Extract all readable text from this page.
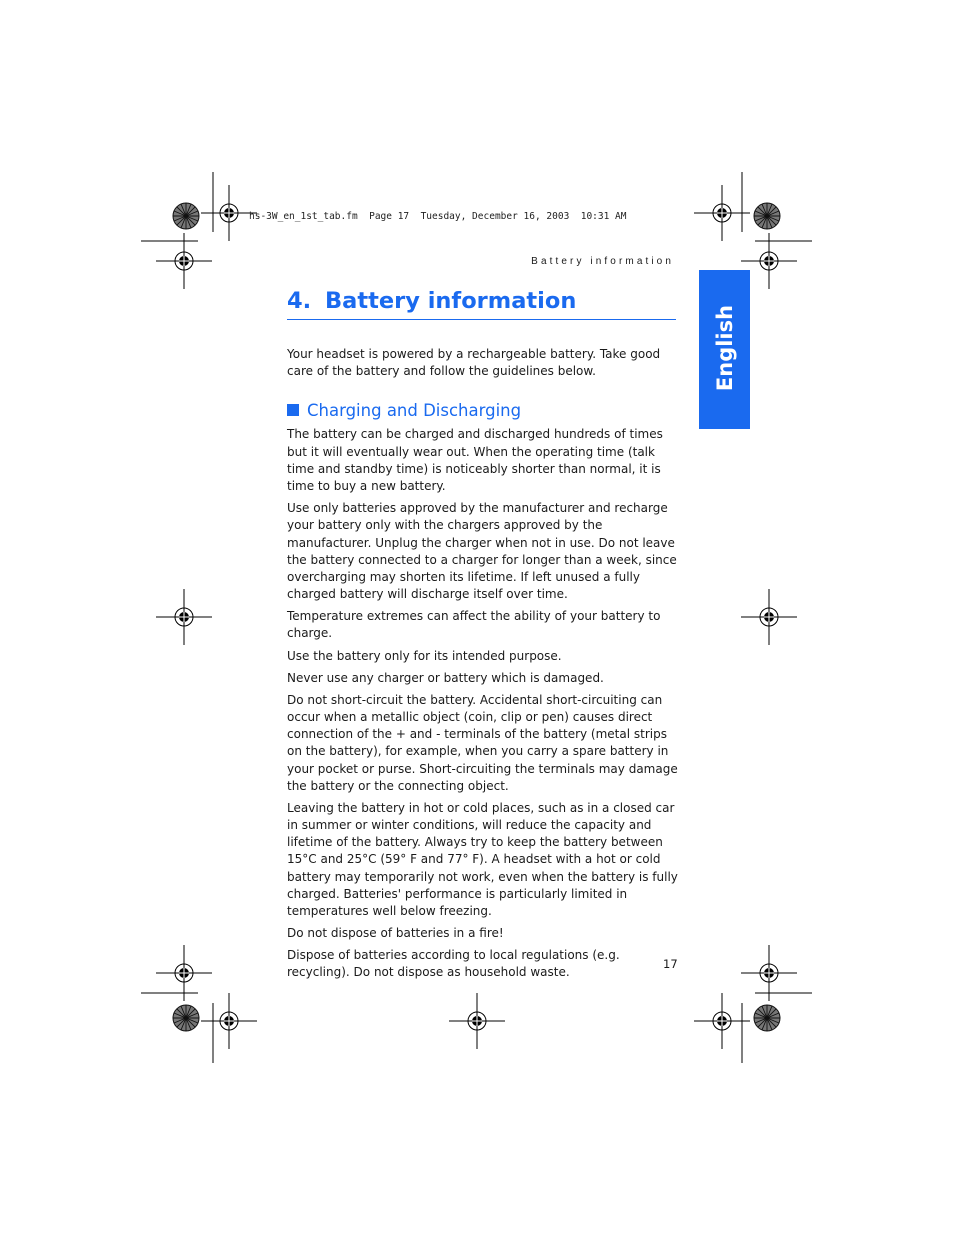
hs-3W_en_1st_tab.fm  Page 17  Tuesday, December 16, 2003  10:31 AM
Battery information
English
4. Battery information

Your headset is powered by a rechargeable battery. Take good care of the battery and follow the guidelines below.

Charging and Discharging

The battery can be charged and discharged hundreds of times but it will eventually wear out. When the operating time (talk time and standby time) is noticeably shorter than normal, it is time to buy a new battery.

Use only batteries approved by the manufacturer and recharge your battery only with the chargers approved by the manufacturer. Unplug the charger when not in use. Do not leave the battery connected to a charger for longer than a week, since overcharging may shorten its lifetime. If left unused a fully charged battery will discharge itself over time.

Temperature extremes can affect the ability of your battery to charge.

Use the battery only for its intended purpose.

Never use any charger or battery which is damaged.

Do not short-circuit the battery. Accidental short-circuiting can occur when a metallic object (coin, clip or pen) causes direct connection of the + and - terminals of the battery (metal strips on the battery), for example, when you carry a spare battery in your pocket or purse. Short-circuiting the terminals may damage the battery or the connecting object.

Leaving the battery in hot or cold places, such as in a closed car in summer or winter conditions, will reduce the capacity and lifetime of the battery. Always try to keep the battery between 15°C and 25°C (59° F and 77° F). A headset with a hot or cold battery may temporarily not work, even when the battery is fully charged. Batteries' performance is particularly limited in temperatures well below freezing.

Do not dispose of batteries in a fire!

Dispose of batteries according to local regulations (e.g. recycling). Do not dispose as household waste.

17
